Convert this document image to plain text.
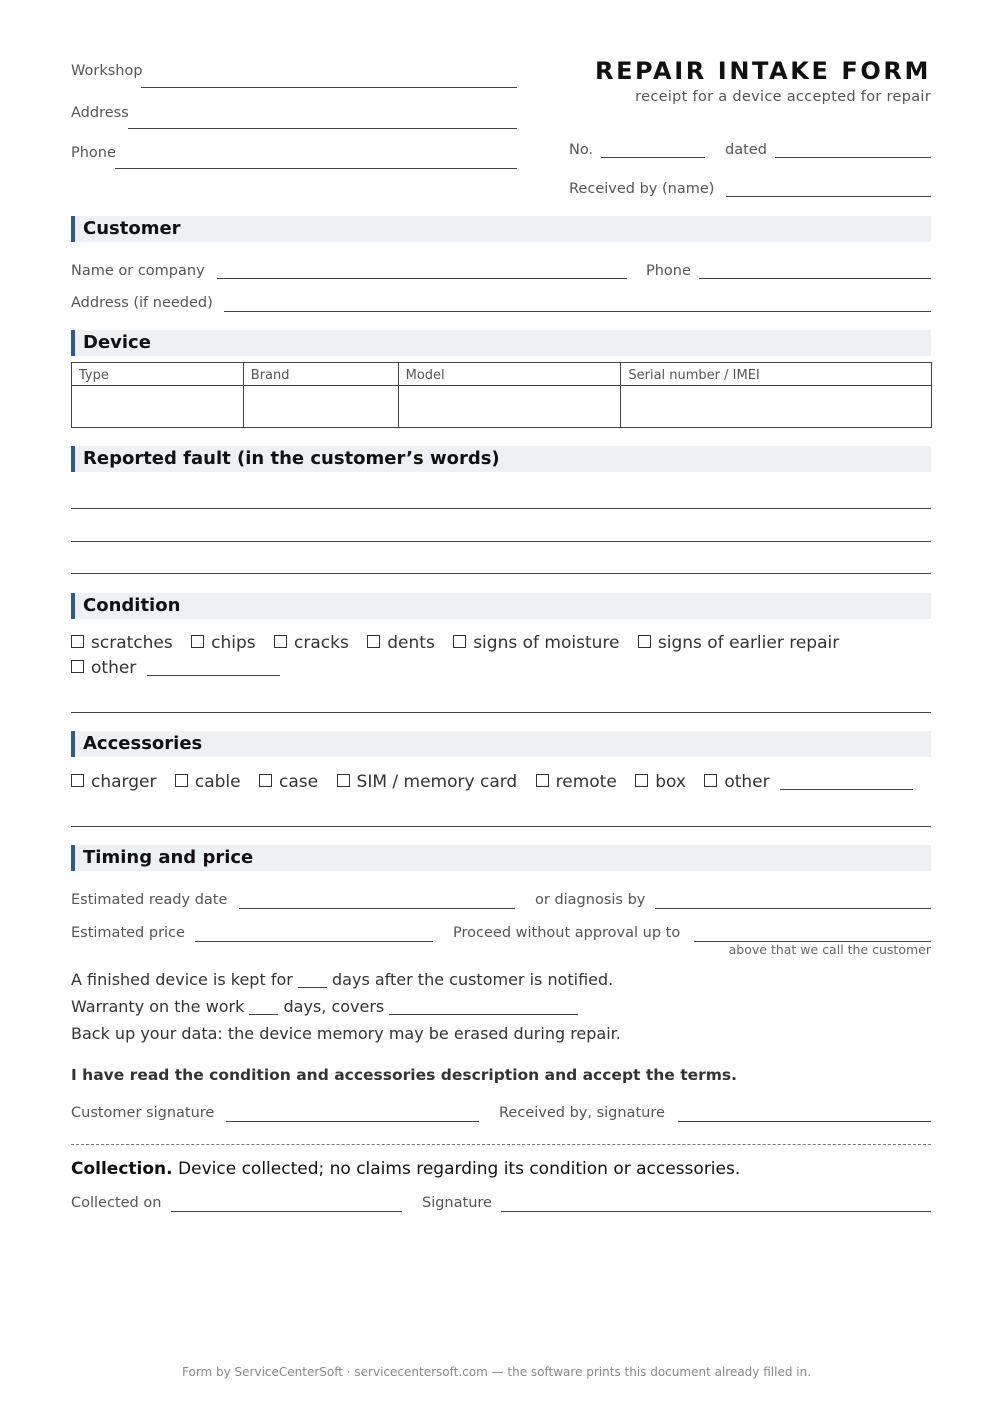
Workshop
Address
Phone
REPAIR INTAKE FORM
receipt for a device accepted for repair
No.	dated
Received by (name)
Customer
Name or company	Phone
Address (if needed)
Device
Type	Brand	Model	Serial number / IMEI

Reported fault (in the customer’s words)
Condition
scratches chips cracks dents signs of moisture signs of earlier repair
other
Accessories
charger cable case SIM / memory card remote box other
Timing and price
Estimated ready date	or diagnosis by
Estimated price	Proceed without approval up to
above that we call the customer
A finished device is kept for days after the customer is notified.
Warranty on the work days, covers
Back up your data: the device memory may be erased during repair.
I have read the condition and accessories description and accept the terms.
Customer signature	Received by, signature
Collection. Device collected; no claims regarding its condition or accessories.
Collected on	Signature
Form by ServiceCenterSoft · servicecentersoft.com — the software prints this document already filled in.
